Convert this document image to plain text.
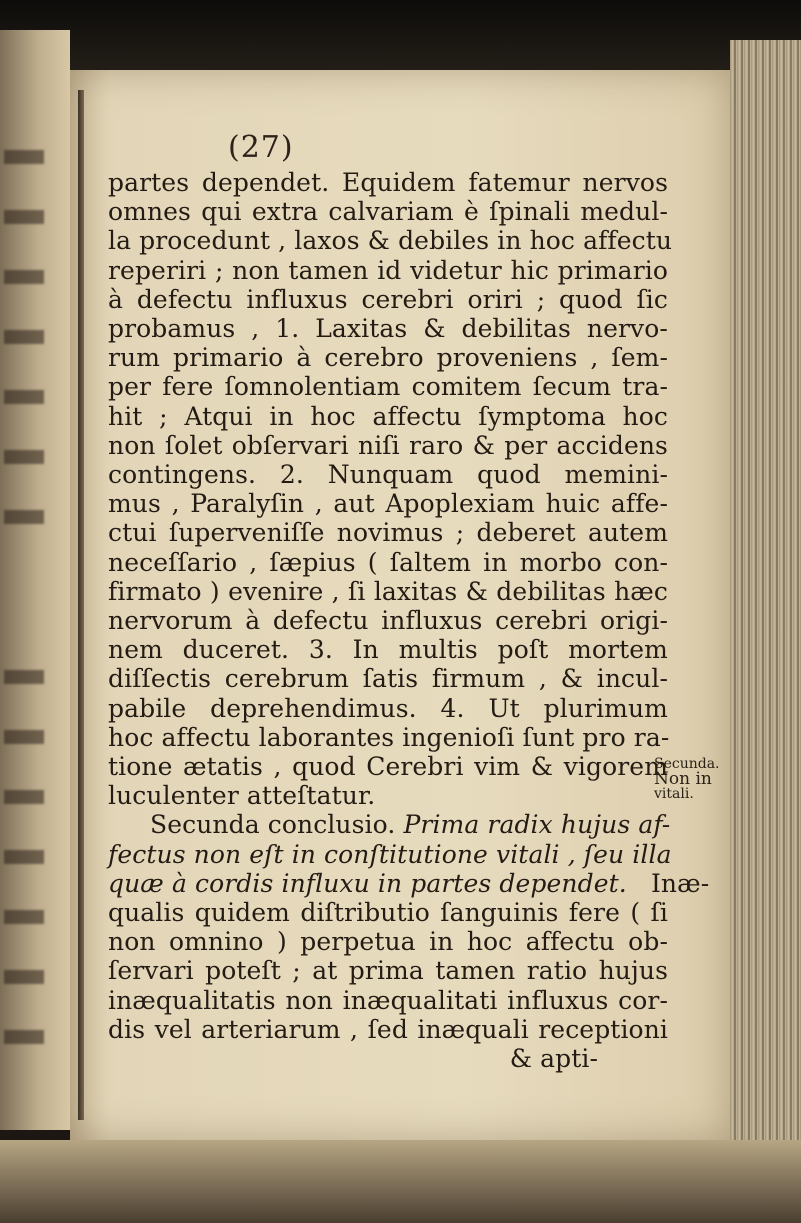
(27)
partes dependet. Equidem fatemur nervos
omnes qui extra calvariam è ſpinali medul-
la procedunt , laxos & debiles in hoc affectu
reperiri ; non tamen id videtur hic primario
à defectu influxus cerebri oriri ; quod ſic
probamus , 1. Laxitas & debilitas nervo-
rum primario à cerebro proveniens , ſem-
per fere ſomnolentiam comitem ſecum tra-
hit ; Atqui in hoc affectu ſymptoma hoc
non ſolet obſervari niſi raro & per accidens
contingens. 2. Nunquam quod memini-
mus , Paralyſin , aut Apoplexiam huic affe-
ctui ſuperveniſſe novimus ; deberet autem
neceſſario , ſæpius ( ſaltem in morbo con-
firmato ) evenire , ſi laxitas & debilitas hæc
nervorum à defectu influxus cerebri origi-
nem duceret. 3. In multis poſt mortem
diſſectis cerebrum ſatis firmum , & incul-
pabile deprehendimus. 4. Ut plurimum
hoc affectu laborantes ingenioſi ſunt pro ra-
tione ætatis , quod Cerebri vim & vigorem
luculenter atteſtatur.
Secunda conclusio. Prima radix hujus af-
fectus non eſt in conſtitutione vitali , ſeu illa
quæ à cordis influxu in partes dependet. Inæ-
qualis quidem diſtributio ſanguinis fere ( ſi
non omnino ) perpetua in hoc affectu ob-
ſervari poteſt ; at prima tamen ratio hujus
inæqualitatis non inæqualitati influxus cor-
dis vel arteriarum , ſed inæquali receptioni
& apti-
Secunda.
Non in
vitali.
